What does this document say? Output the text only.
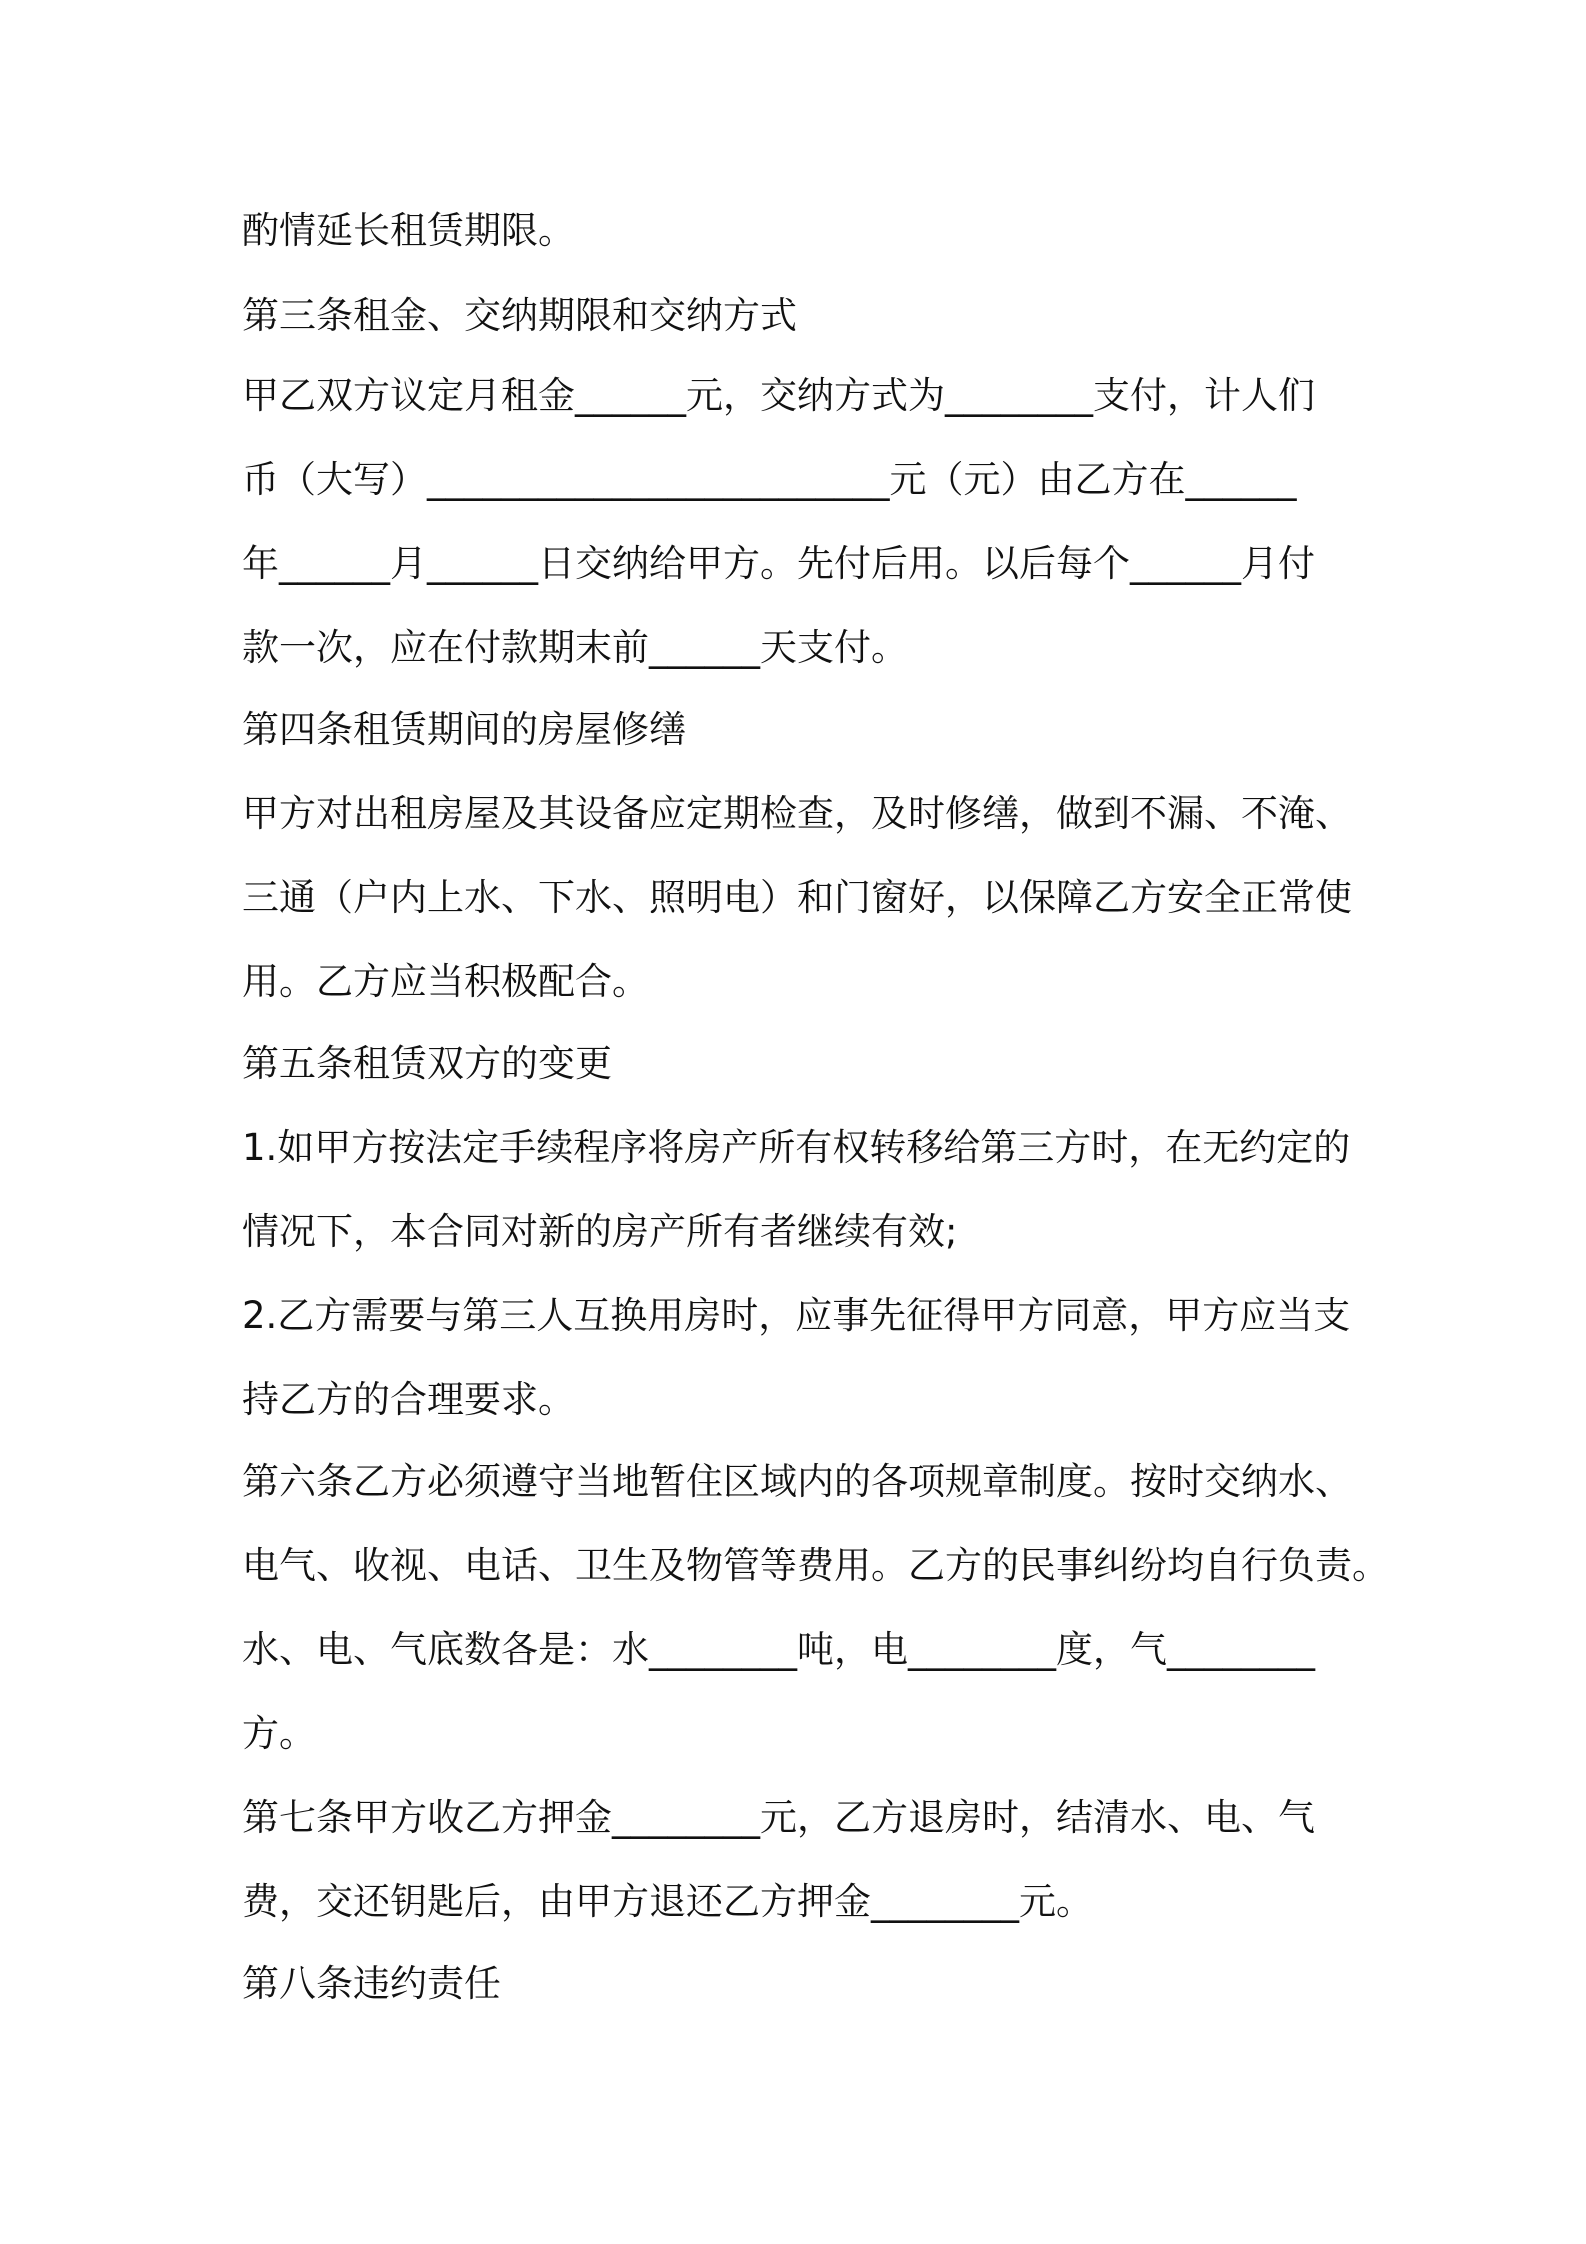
酌情延长租赁期限。
第三条租金、交纳期限和交纳方式
甲乙双方议定月租金______元，交纳方式为________支付，计人们
币（大写）_________________________元（元）由乙方在______
年______月______日交纳给甲方。先付后用。以后每个______月付
款一次，应在付款期末前______天支付。
第四条租赁期间的房屋修缮
甲方对出租房屋及其设备应定期检查，及时修缮，做到不漏、不淹、
三通（户内上水、下水、照明电）和门窗好，以保障乙方安全正常使
用。乙方应当积极配合。
第五条租赁双方的变更
1.如甲方按法定手续程序将房产所有权转移给第三方时，在无约定的
情况下，本合同对新的房产所有者继续有效;
2.乙方需要与第三人互换用房时，应事先征得甲方同意，甲方应当支
持乙方的合理要求。
第六条乙方必须遵守当地暂住区域内的各项规章制度。按时交纳水、
电气、收视、电话、卫生及物管等费用。乙方的民事纠纷均自行负责。
水、电、气底数各是：水________吨，电________度，气________
方。
第七条甲方收乙方押金________元，乙方退房时，结清水、电、气
费，交还钥匙后，由甲方退还乙方押金________元。
第八条违约责任
